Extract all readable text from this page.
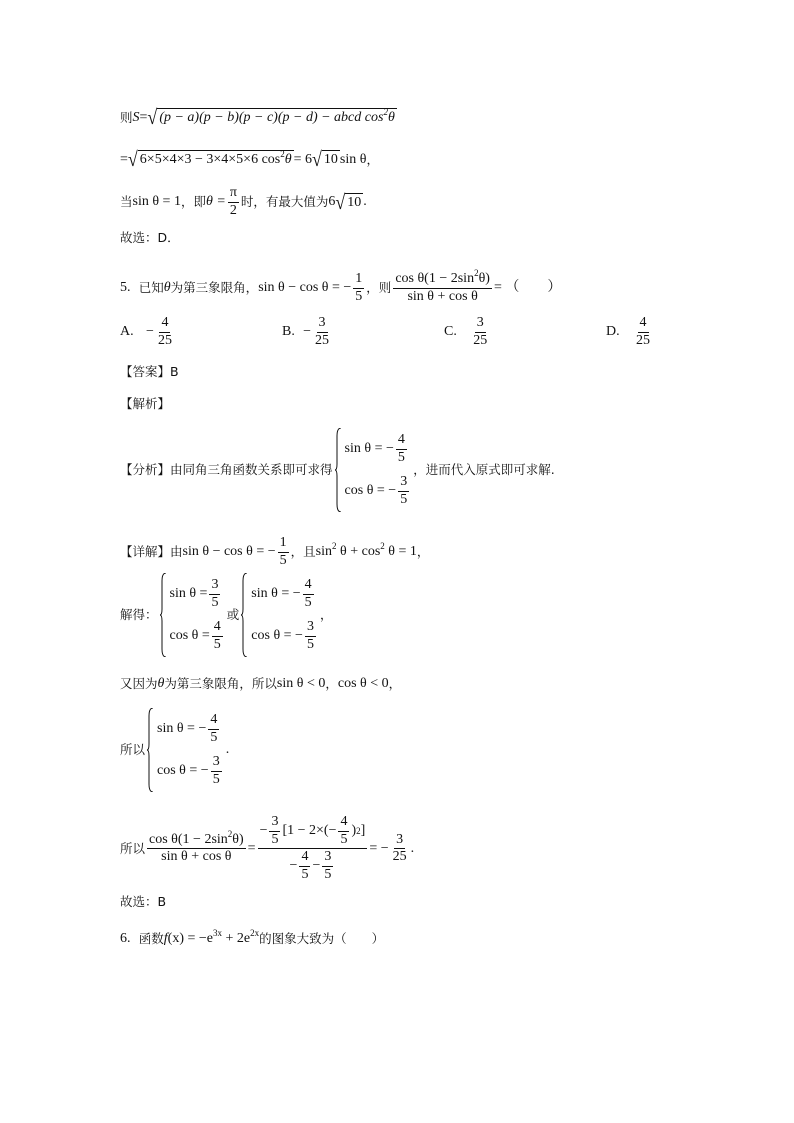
则 S = √ (p − a)(p − b)(p − c)(p − d) − abcd $\cos^2\theta$
= √ 6×5×4×3 − 3×4×5×6 $\cos^2\theta = 6$ √ 10 sin θ ，
当 sin θ = 1 ，即 $\theta = \frac{\pi}{2}$ 时，有最大值为 6 √ 10 .
故选：D．
5.
已知 θ 为第三象限角， sin θ − cos θ = − $\frac{1}{5}$ ，则 $\frac{\cos \theta(1 - 2\sin^2\theta)}{\text{sin θ + cos θ}}$ = （　　）
A.
− $\frac{4}{25}$	B.
− $\frac{3}{25}$	C.
$\frac{3}{25}$	D.
$\frac{4}{25}$
【答案】B
【解析】
【分析】 由同角三角函数关系即可求得
sin θ = − $\frac{4}{5}$
cos θ = − $\frac{3}{5}$
，进而代入原式即可求解.
【详解】 由 sin θ − cos θ = − $\frac{1}{5}$ ，且 $\sin^2 \theta + \cos^2 \theta = 1$ ，
解得：
$\sin \theta = \frac{3}{5}$
$\cos \theta = \frac{4}{5}$
或
sin θ = − $\frac{4}{5}$
cos θ = − $\frac{3}{5}$
，
又因为 θ 为第三象限角，所以 sin θ < 0 ， cos θ < 0 ，
所以
sin θ = − $\frac{4}{5}$
cos θ = − $\frac{3}{5}$
.
所以 $\frac{\cos \theta(1 - 2\sin^2\theta)}{\text{sin θ + cos θ}} = \frac{- \frac{3}{5} [1 - 2\times(- \frac{4}{5} ) 2 ]}{- \frac{4}{5} - \frac{3}{5}}$ = − $\frac{3}{25}$ .
故选：B
6.
函数 f $(x) = -e^{3x} + 2e^{2x}$ 的图象大致为（　　）
